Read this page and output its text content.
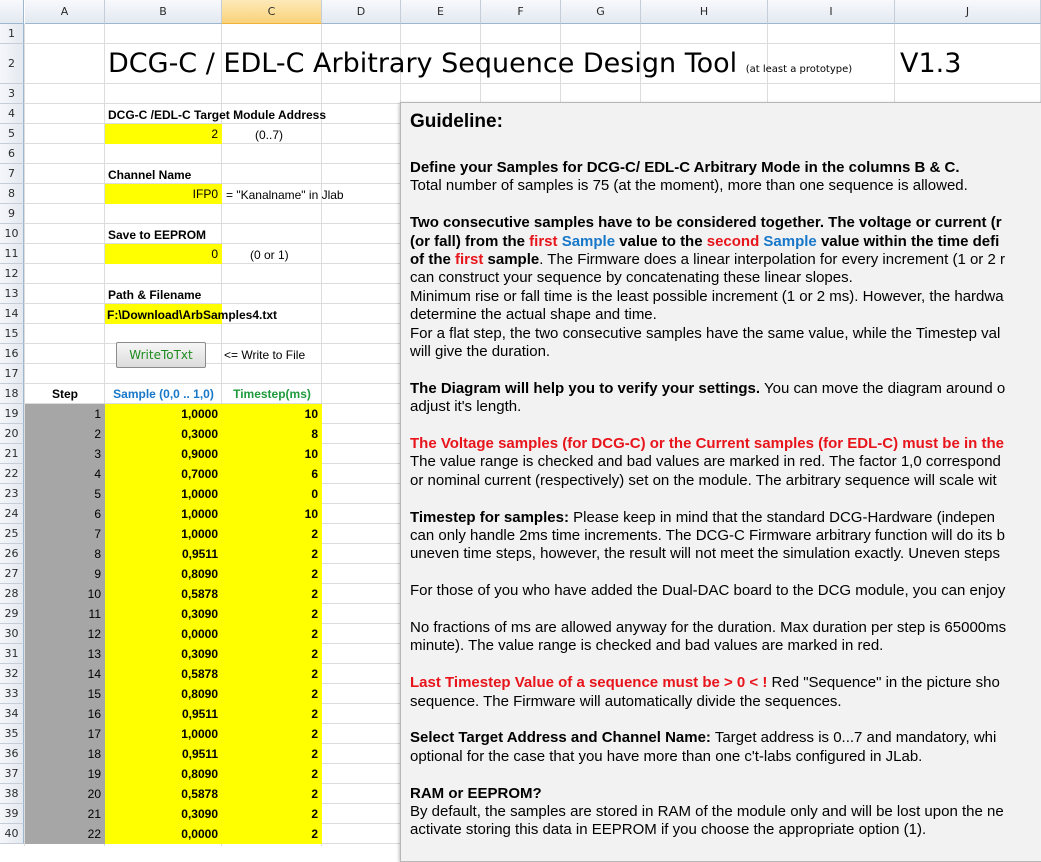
A	B	C	D	E	F	G	H	I	J
1
2
3
4
5
6
7
8
9
10
11
12
13
14
15
16
17
18
19
20
21
22
23
24
25
26
27
28
29
30
31
32
33
34
35
36
37
38
39
40
DCG-C / EDL-C Arbitrary Sequence Design Tool (at least a prototype) V1.3
DCG-C /EDL-C Target Module Address
2	(0..7)
Channel Name
IFP0 = "Kanalname" in Jlab
Save to EEPROM
0	(0 or 1)
Path & Filename
F:\Download\ArbSamples4.txt
WriteToTxt	<= Write to File
Step	Sample (0,0 .. 1,0)	Timestep(ms)
1	1,0000	10
2	0,3000	8
3	0,9000	10
4	0,7000	6
5	1,0000	0
6	1,0000	10
7	1,0000	2
8	0,9511	2
9	0,8090	2
10	0,5878	2
11	0,3090	2
12	0,0000	2
13	0,3090	2
14	0,5878	2
15	0,8090	2
16	0,9511	2
17	1,0000	2
18	0,9511	2
19	0,8090	2
20	0,5878	2
21	0,3090	2
22	0,0000	2
Guideline:

Define your Samples for DCG-C/ EDL-C Arbitrary Mode in the columns B & C.
Total number of samples is 75 (at the moment), more than one sequence is allowed.

Two consecutive samples have to be considered together. The voltage or current (r
(or fall) from the first Sample value to the second Sample value within the time defi
of the first sample. The Firmware does a linear interpolation for every increment (1 or 2 r
can construct your sequence by concatenating these linear slopes.
Minimum rise or fall time is the least possible increment (1 or 2 ms). However, the hardwa
determine the actual shape and time.
For a flat step, the two consecutive samples have the same value, while the Timestep val
will give the duration.

The Diagram will help you to verify your settings. You can move the diagram around o
adjust it's length.

The Voltage samples (for DCG-C) or the Current samples (for EDL-C) must be in the
The value range is checked and bad values are marked in red. The factor 1,0 correspond
or nominal current (respectively) set on the module. The arbitrary sequence will scale wit

Timestep for samples: Please keep in mind that the standard DCG-Hardware (indepen
can only handle 2ms time increments. The DCG-C Firmware arbitrary function will do its b
uneven time steps, however, the result will not meet the simulation exactly. Uneven steps

For those of you who have added the Dual-DAC board to the DCG module, you can enjoy

No fractions of ms are allowed anyway for the duration. Max duration per step is 65000ms
minute). The value range is checked and bad values are marked in red.

Last Timestep Value of a sequence must be > 0 < ! Red "Sequence" in the picture sho
sequence. The Firmware will automatically divide the sequences.

Select Target Address and Channel Name: Target address is 0...7 and mandatory, whi
optional for the case that you have more than one c't-labs configured in JLab.

RAM or EEPROM?
By default, the samples are stored in RAM of the module only and will be lost upon the ne
activate storing this data in EEPROM if you choose the appropriate option (1).
